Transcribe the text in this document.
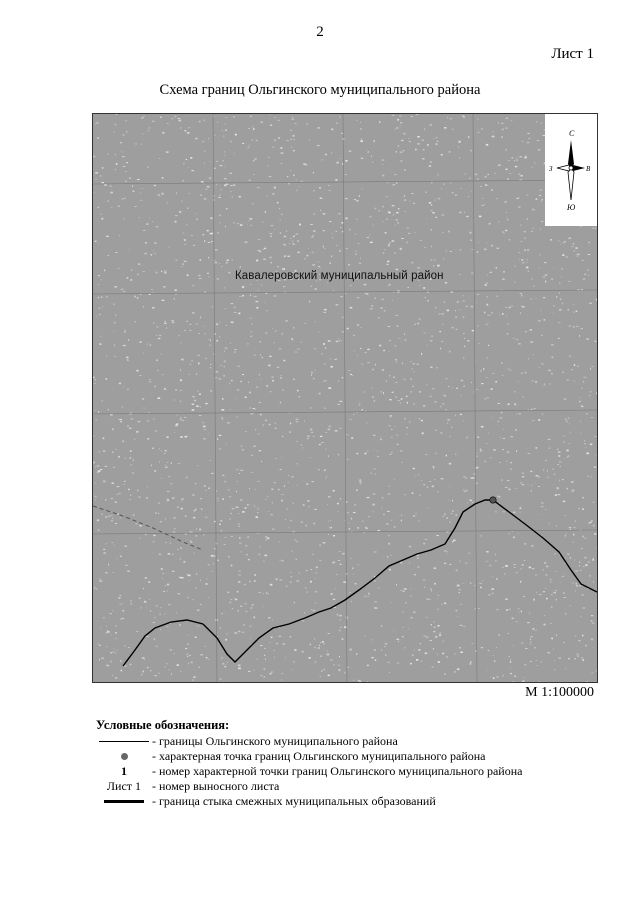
2
Лист 1
Схема границ Ольгинского муниципального района
Кавалеровский муниципальный район
С
Ю
З	В
М 1:100000
Условные обозначения:
- границы Ольгинского муниципального района
- характерная точка границ Ольгинского муниципального района
1 - номер характерной точки границ Ольгинского муниципального района
Лист 1 - номер выносного листа
- граница стыка смежных муниципальных образований
